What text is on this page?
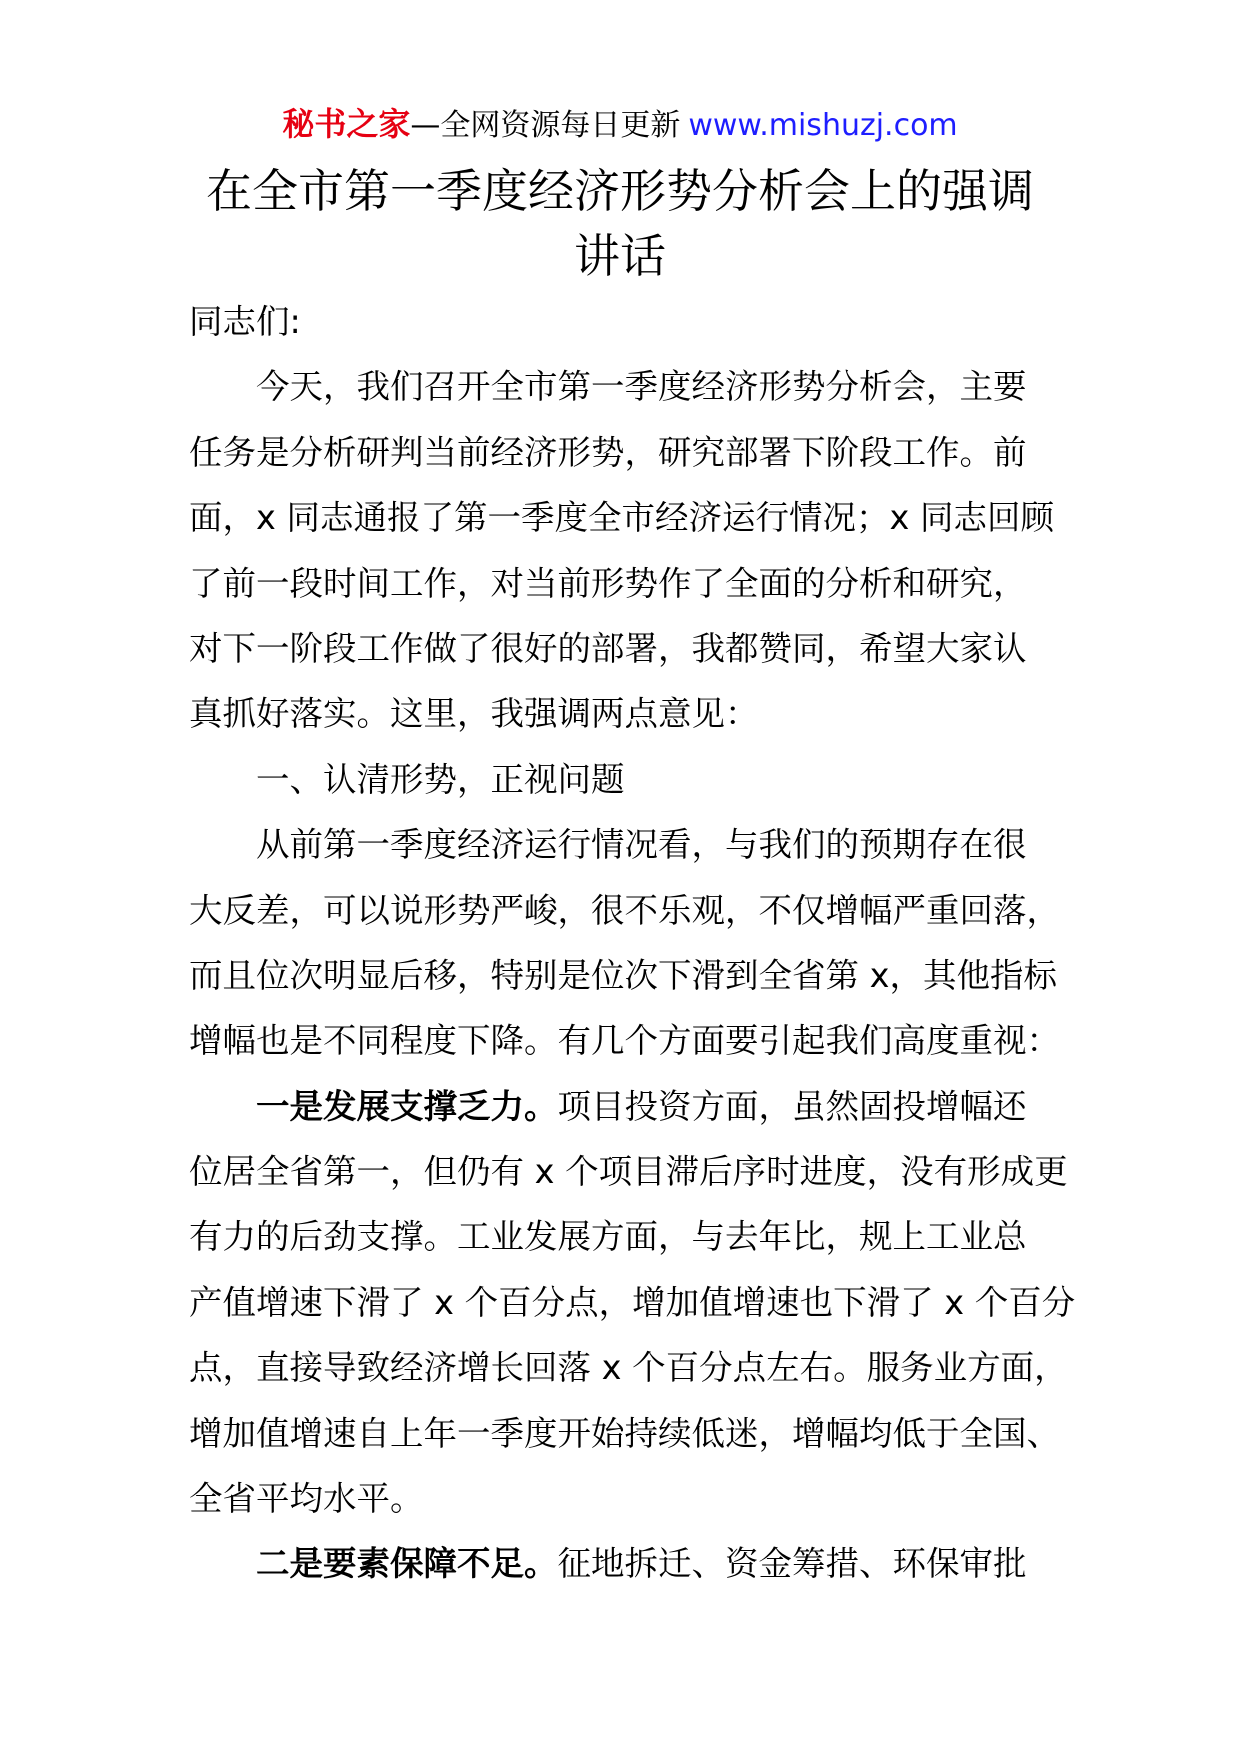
秘书之家—全网资源每日更新 www.mishuzj.com
在全市第一季度经济形势分析会上的强调
讲话
同志们:
今天，我们召开全市第一季度经济形势分析会，主要
任务是分析研判当前经济形势，研究部署下阶段工作。前
面，x 同志通报了第一季度全市经济运行情况；x 同志回顾
了前一段时间工作，对当前形势作了全面的分析和研究，
对下一阶段工作做了很好的部署，我都赞同，希望大家认
真抓好落实。这里，我强调两点意见：
一、认清形势，正视问题
从前第一季度经济运行情况看，与我们的预期存在很
大反差，可以说形势严峻，很不乐观，不仅增幅严重回落，
而且位次明显后移，特别是位次下滑到全省第 x，其他指标
增幅也是不同程度下降。有几个方面要引起我们高度重视：
一是发展支撑乏力。项目投资方面，虽然固投增幅还
位居全省第一，但仍有 x 个项目滞后序时进度，没有形成更
有力的后劲支撑。工业发展方面，与去年比，规上工业总
产值增速下滑了 x 个百分点，增加值增速也下滑了 x 个百分
点，直接导致经济增长回落 x 个百分点左右。服务业方面，
增加值增速自上年一季度开始持续低迷，增幅均低于全国、
全省平均水平。
二是要素保障不足。征地拆迁、资金筹措、环保审批
